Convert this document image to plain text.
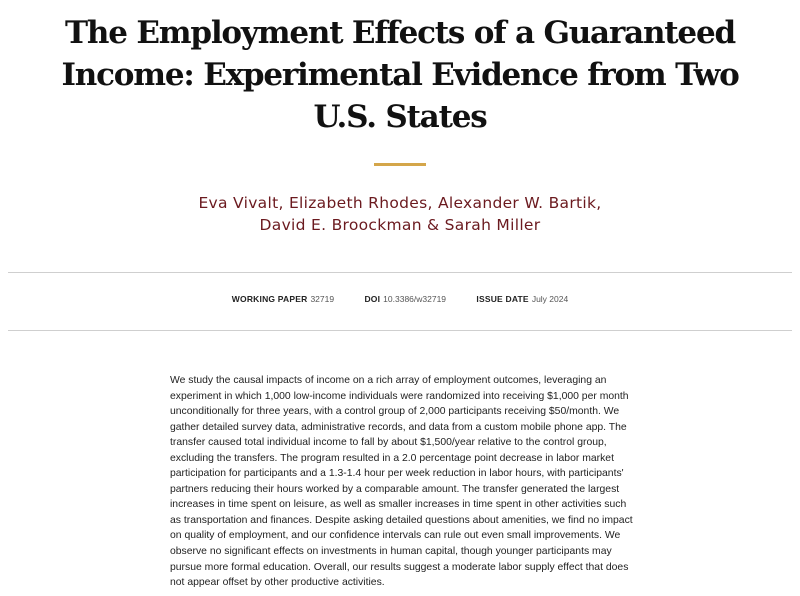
The Employment Effects of a Guaranteed Income: Experimental Evidence from Two U.S. States
Eva Vivalt, Elizabeth Rhodes, Alexander W. Bartik,
David E. Broockman & Sarah Miller
WORKING PAPER 32719	DOI 10.3386/w32719	ISSUE DATE July 2024

We study the causal impacts of income on a rich array of employment outcomes, leveraging an experiment in which 1,000 low-income individuals were randomized into receiving $1,000 per month unconditionally for three years, with a control group of 2,000 participants receiving $50/month. We gather detailed survey data, administrative records, and data from a custom mobile phone app. The transfer caused total individual income to fall by about $1,500/year relative to the control group, excluding the transfers. The program resulted in a 2.0 percentage point decrease in labor market participation for participants and a 1.3-1.4 hour per week reduction in labor hours, with participants' partners reducing their hours worked by a comparable amount. The transfer generated the largest increases in time spent on leisure, as well as smaller increases in time spent in other activities such as transportation and finances. Despite asking detailed questions about amenities, we find no impact on quality of employment, and our confidence intervals can rule out even small improvements. We observe no significant effects on investments in human capital, though younger participants may pursue more formal education. Overall, our results suggest a moderate labor supply effect that does not appear offset by other productive activities.
